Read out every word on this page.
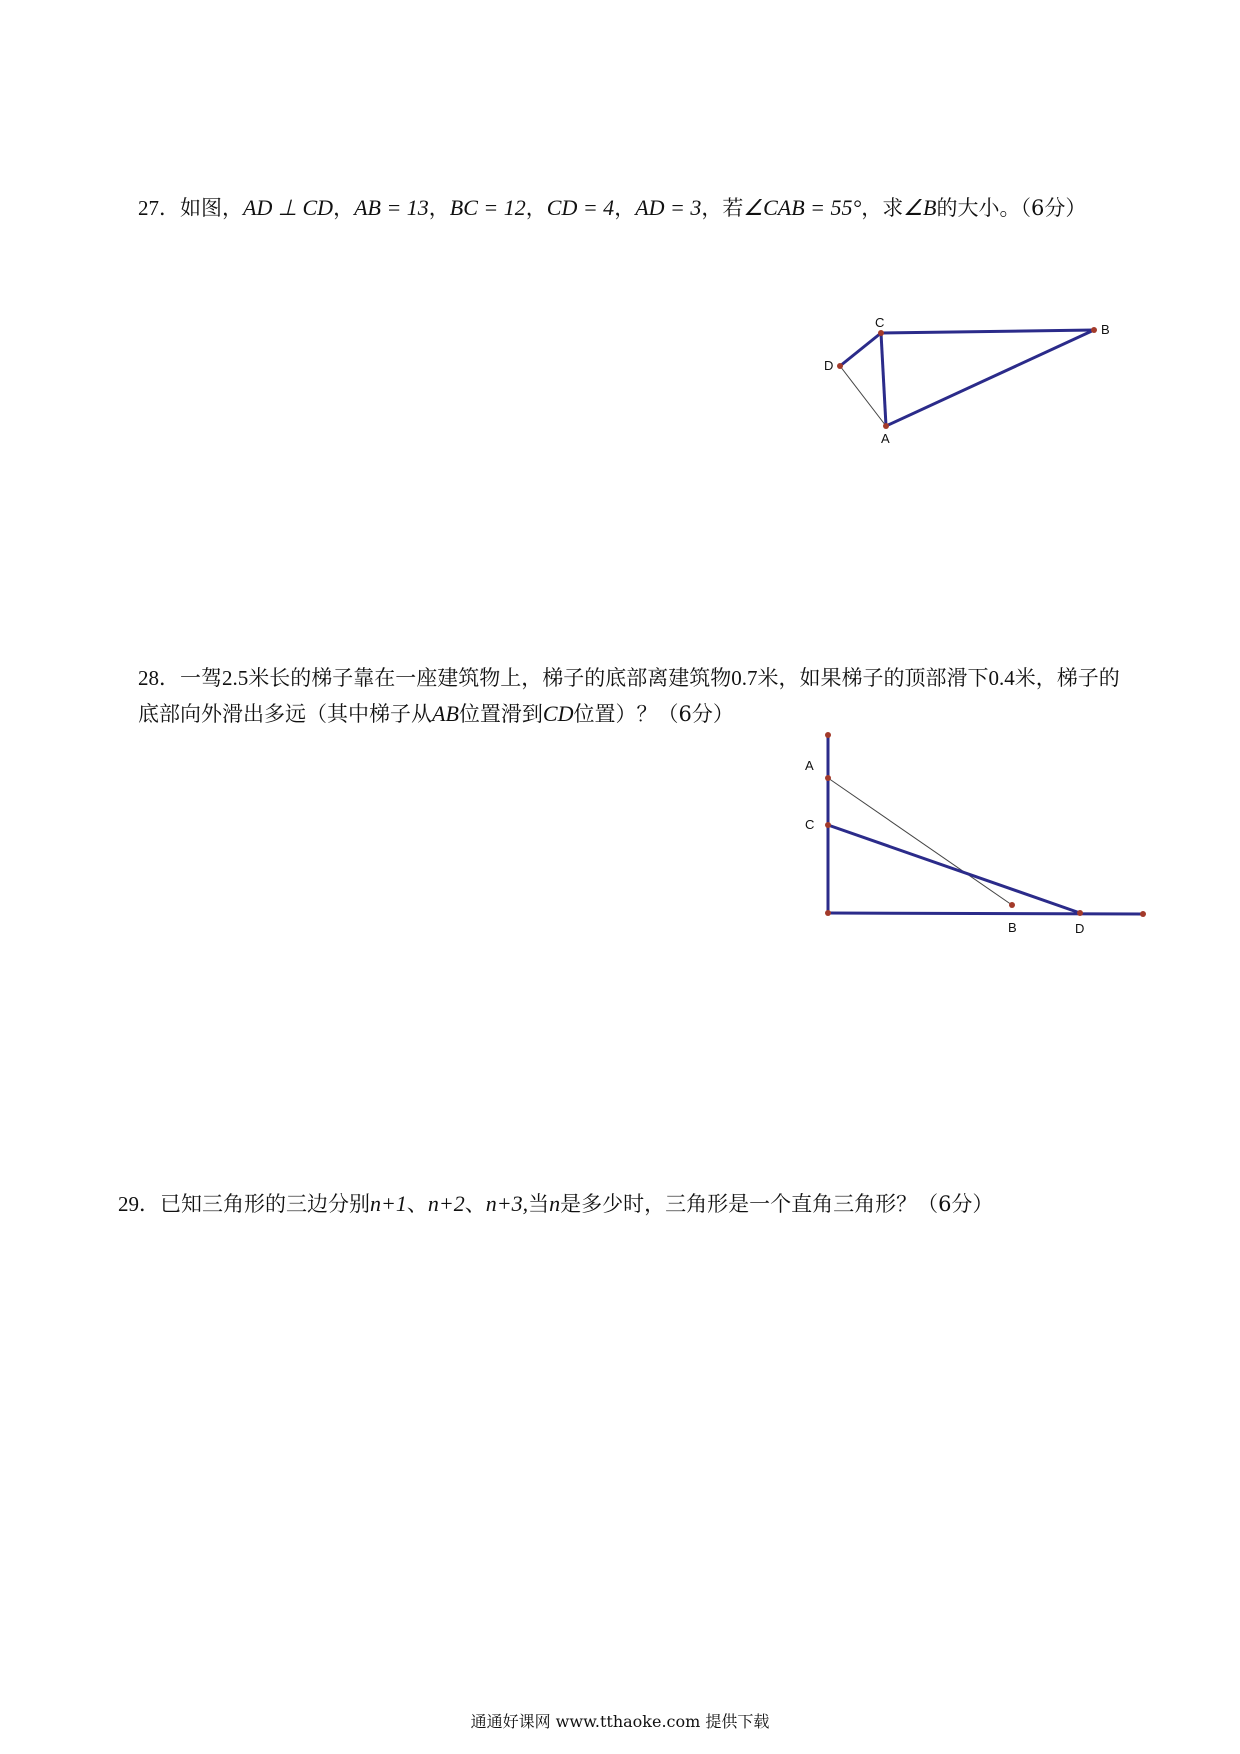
27．如图，AD ⊥ CD，AB = 13，BC = 12，CD = 4，AD = 3，若∠CAB = 55°，求∠B的大小。（6分）
D
C
A
B
28．一驾2.5米长的梯子靠在一座建筑物上，梯子的底部离建筑物0.7米，如果梯子的顶部滑下0.4米，梯子的底部向外滑出多远（其中梯子从AB位置滑到CD位置）？（6分）
A
C
B	D
29．已知三角形的三边分别n+1、n+2、n+3,当n是多少时，三角形是一个直角三角形？（6分）
通通好课网 www.tthaoke.com 提供下载
